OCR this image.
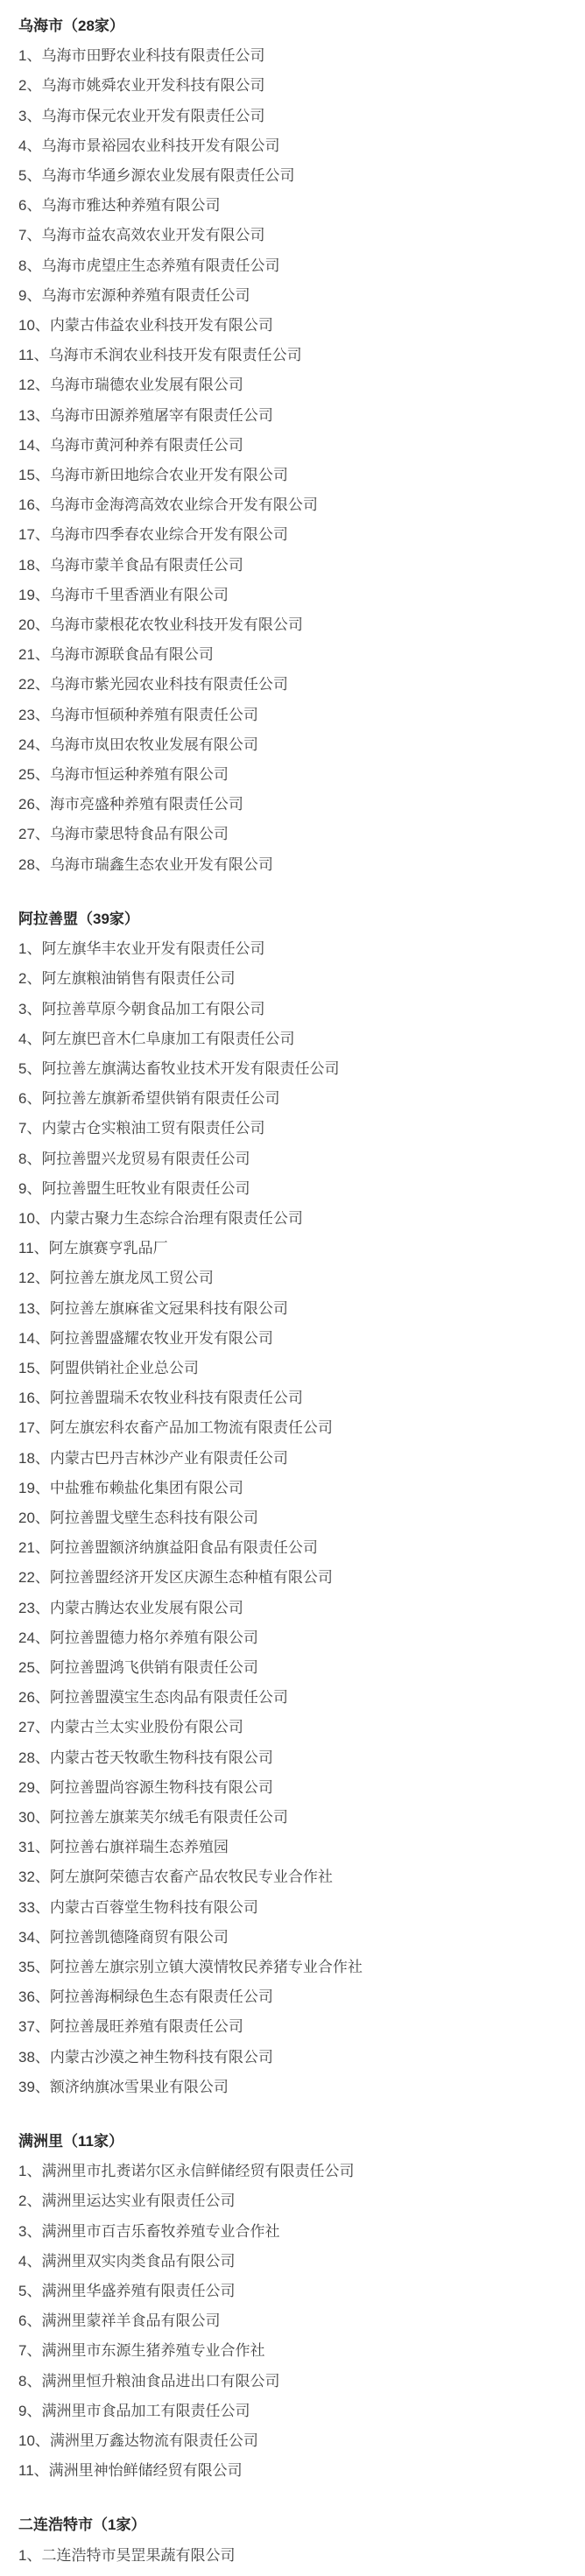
乌海市（28家）
1、乌海市田野农业科技有限责任公司
2、乌海市姚舜农业开发科技有限公司
3、乌海市保元农业开发有限责任公司
4、乌海市景裕园农业科技开发有限公司
5、乌海市华通乡源农业发展有限责任公司
6、乌海市雅达种养殖有限公司
7、乌海市益农高效农业开发有限公司
8、乌海市虎望庄生态养殖有限责任公司
9、乌海市宏源种养殖有限责任公司
10、内蒙古伟益农业科技开发有限公司
11、乌海市禾润农业科技开发有限责任公司
12、乌海市瑞德农业发展有限公司
13、乌海市田源养殖屠宰有限责任公司
14、乌海市黄河种养有限责任公司
15、乌海市新田地综合农业开发有限公司
16、乌海市金海湾高效农业综合开发有限公司
17、乌海市四季春农业综合开发有限公司
18、乌海市蒙羊食品有限责任公司
19、乌海市千里香酒业有限公司
20、乌海市蒙根花农牧业科技开发有限公司
21、乌海市源联食品有限公司
22、乌海市紫光园农业科技有限责任公司
23、乌海市恒硕种养殖有限责任公司
24、乌海市岚田农牧业发展有限公司
25、乌海市恒运种养殖有限公司
26、海市亮盛种养殖有限责任公司
27、乌海市蒙思特食品有限公司
28、乌海市瑞鑫生态农业开发有限公司
阿拉善盟（39家）
1、阿左旗华丰农业开发有限责任公司
2、阿左旗粮油销售有限责任公司
3、阿拉善草原今朝食品加工有限公司
4、阿左旗巴音木仁阜康加工有限责任公司
5、阿拉善左旗满达畜牧业技术开发有限责任公司
6、阿拉善左旗新希望供销有限责任公司
7、内蒙古仓实粮油工贸有限责任公司
8、阿拉善盟兴龙贸易有限责任公司
9、阿拉善盟生旺牧业有限责任公司
10、内蒙古聚力生态综合治理有限责任公司
11、阿左旗赛亨乳品厂
12、阿拉善左旗龙凤工贸公司
13、阿拉善左旗麻雀文冠果科技有限公司
14、阿拉善盟盛耀农牧业开发有限公司
15、阿盟供销社企业总公司
16、阿拉善盟瑞禾农牧业科技有限责任公司
17、阿左旗宏科农畜产品加工物流有限责任公司
18、内蒙古巴丹吉林沙产业有限责任公司
19、中盐雅布赖盐化集团有限公司
20、阿拉善盟戈壁生态科技有限公司
21、阿拉善盟额济纳旗益阳食品有限责任公司
22、阿拉善盟经济开发区庆源生态种植有限公司
23、内蒙古腾达农业发展有限公司
24、阿拉善盟德力格尔养殖有限公司
25、阿拉善盟鸿飞供销有限责任公司
26、阿拉善盟漠宝生态肉品有限责任公司
27、内蒙古兰太实业股份有限公司
28、内蒙古苍天牧歌生物科技有限公司
29、阿拉善盟尚容源生物科技有限公司
30、阿拉善左旗莱芙尔绒毛有限责任公司
31、阿拉善右旗祥瑞生态养殖园
32、阿左旗阿荣德吉农畜产品农牧民专业合作社
33、内蒙古百蓉堂生物科技有限公司
34、阿拉善凯德隆商贸有限公司
35、阿拉善左旗宗别立镇大漠情牧民养猪专业合作社
36、阿拉善海桐绿色生态有限责任公司
37、阿拉善晟旺养殖有限责任公司
38、内蒙古沙漠之神生物科技有限公司
39、额济纳旗冰雪果业有限公司
满洲里（11家）
1、满洲里市扎赉诺尔区永信鲜储经贸有限责任公司
2、满洲里运达实业有限责任公司
3、满洲里市百吉乐畜牧养殖专业合作社
4、满洲里双实肉类食品有限公司
5、满洲里华盛养殖有限责任公司
6、满洲里蒙祥羊食品有限公司
7、满洲里市东源生猪养殖专业合作社
8、满洲里恒升粮油食品进出口有限公司
9、满洲里市食品加工有限责任公司
10、满洲里万鑫达物流有限责任公司
11、满洲里神怡鲜储经贸有限公司
二连浩特市（1家）
1、二连浩特市昊罡果蔬有限公司
